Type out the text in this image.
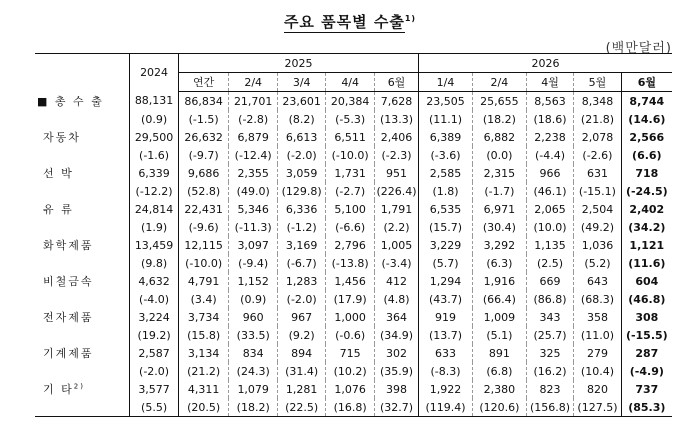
주요 품목별 수출$^{1)}$
(백만달러)
	2024	2025					2026				
		연간	2/4	3/4	4/4	6월	1/4	2/4	4월	5월	6월
■ 총 수 출	88,131	86,834	21,701	23,601	20,384	7,628	23,505	25,655	8,563	8,348	8,744
	(0.9)	(-1.5)	(-2.8)	(8.2)	(-5.3)	(13.3)	(11.1)	(18.2)	(18.6)	(21.8)	(14.6)
자동차	29,500	26,632	6,879	6,613	6,511	2,406	6,389	6,882	2,238	2,078	2,566
	(-1.6)	(-9.7)	(-12.4)	(-2.0)	(-10.0)	(-2.3)	(-3.6)	(0.0)	(-4.4)	(-2.6)	(6.6)
선 박	6,339	9,686	2,355	3,059	1,731	951	2,585	2,315	966	631	718
	(-12.2)	(52.8)	(49.0)	(129.8)	(-2.7)	(226.4)	(1.8)	(-1.7)	(46.1)	(-15.1)	(-24.5)
유 류	24,814	22,431	5,346	6,336	5,100	1,791	6,535	6,971	2,065	2,504	2,402
	(1.9)	(-9.6)	(-11.3)	(-1.2)	(-6.6)	(2.2)	(15.7)	(30.4)	(10.0)	(49.2)	(34.2)
화학제품	13,459	12,115	3,097	3,169	2,796	1,005	3,229	3,292	1,135	1,036	1,121
	(9.8)	(-10.0)	(-9.4)	(-6.7)	(-13.8)	(-3.4)	(5.7)	(6.3)	(2.5)	(5.2)	(11.6)
비철금속	4,632	4,791	1,152	1,283	1,456	412	1,294	1,916	669	643	604
	(-4.0)	(3.4)	(0.9)	(-2.0)	(17.9)	(4.8)	(43.7)	(66.4)	(86.8)	(68.3)	(46.8)
전자제품	3,224	3,734	960	967	1,000	364	919	1,009	343	358	308
	(19.2)	(15.8)	(33.5)	(9.2)	(-0.6)	(34.9)	(13.7)	(5.1)	(25.7)	(11.0)	(-15.5)
기계제품	2,587	3,134	834	894	715	302	633	891	325	279	287
	(-2.0)	(21.2)	(24.3)	(31.4)	(10.2)	(35.9)	(-8.3)	(6.8)	(16.2)	(10.4)	(-4.9)
기 타$^{2)}$	3,577	4,311	1,079	1,281	1,076	398	1,922	2,380	823	820	737
	(5.5)	(20.5)	(18.2)	(22.5)	(16.8)	(32.7)	(119.4)	(120.6)	(156.8)	(127.5)	(85.3)
